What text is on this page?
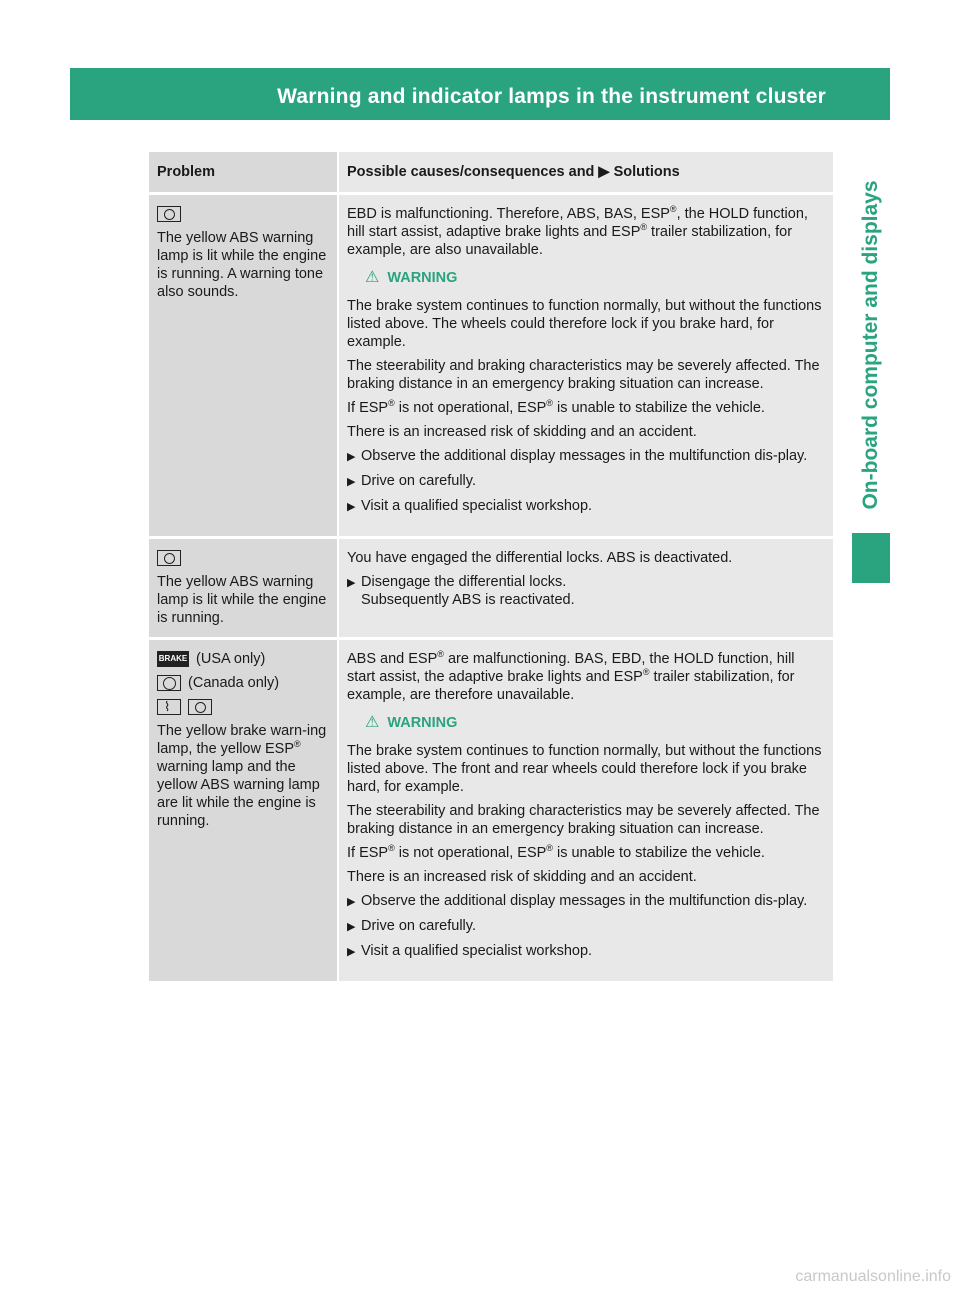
Warning and indicator lamps in the instrument cluster	207
On-board computer and displays
Problem	Possible causes/consequences and ▶ Solutions
The yellow ABS warning lamp is lit while the engine is running. A warning tone also sounds.
EBD is malfunctioning. Therefore, ABS, BAS, ESP®, the HOLD function, hill start assist, adaptive brake lights and ESP® trailer stabilization, for example, are also unavailable.
⚠ WARNING
The brake system continues to function normally, but without the functions listed above. The wheels could therefore lock if you brake hard, for example.
The steerability and braking characteristics may be severely affected. The braking distance in an emergency braking situation can increase.
If ESP® is not operational, ESP® is unable to stabilize the vehicle.
There is an increased risk of skidding and an accident.
▶ Observe the additional display messages in the multifunction dis-play.
▶ Drive on carefully.
▶ Visit a qualified specialist workshop.
The yellow ABS warning lamp is lit while the engine is running.
You have engaged the differential locks. ABS is deactivated.
▶ Disengage the differential locks.
Subsequently ABS is reactivated.
BRAKE (USA only)
(Canada only)
⌇
The yellow brake warn-ing lamp, the yellow ESP® warning lamp and the yellow ABS warning lamp are lit while the engine is running.
ABS and ESP® are malfunctioning. BAS, EBD, the HOLD function, hill start assist, the adaptive brake lights and ESP® trailer stabilization, for example, are therefore unavailable.
⚠ WARNING
The brake system continues to function normally, but without the functions listed above. The front and rear wheels could therefore lock if you brake hard, for example.
The steerability and braking characteristics may be severely affected. The braking distance in an emergency braking situation can increase.
If ESP® is not operational, ESP® is unable to stabilize the vehicle.
There is an increased risk of skidding and an accident.
▶ Observe the additional display messages in the multifunction dis-play.
▶ Drive on carefully.
▶ Visit a qualified specialist workshop.
carmanualsonline.info
